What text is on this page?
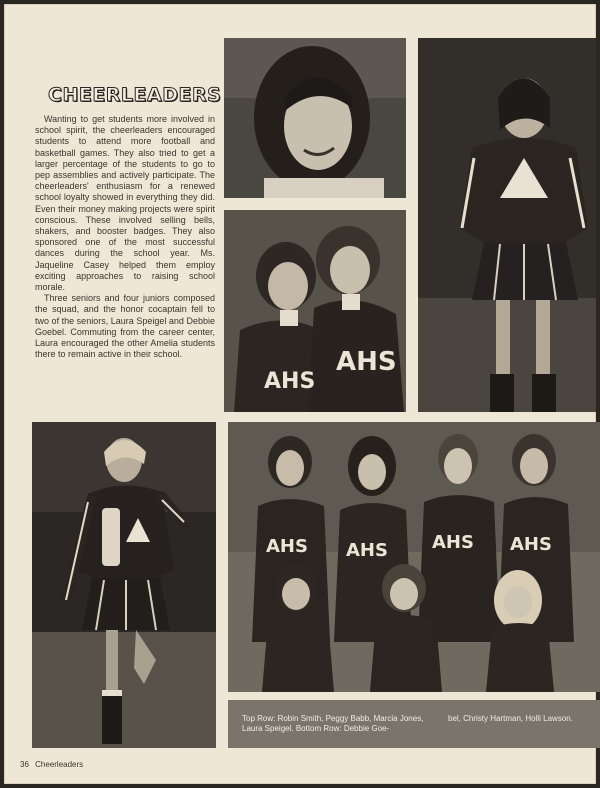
CHEERLEADERS

Wanting to get students more involved in school spirit, the cheerleaders encouraged students to attend more football and basketball games. They also tried to get a larger percentage of the students to go to pep assemblies and actively participate. The cheerleaders' enthusiasm for a renewed school loyalty showed in everything they did. Even their money making projects were spirit conscious. These involved selling bells, shakers, and booster badges. They also sponsored one of the most successful dances during the school year. Ms. Jaqueline Casey helped them employ exciting approaches to raising school morale.

Three seniors and four juniors composed the squad, and the honor cocaptain fell to two of the seniors, Laura Speigel and Debbie Goebel. Commuting from the career center, Laura encouraged the other Amelia students there to remain active in their school.	AHS
AHS
AHS AHS AHS AHS
Top Row: Robin Smith, Peggy Babb, Marcia Jones, Laura Speigel. Bottom Row: Debbie Goe-
bel, Christy Hartman, Holli Lawson.
36 Cheerleaders
